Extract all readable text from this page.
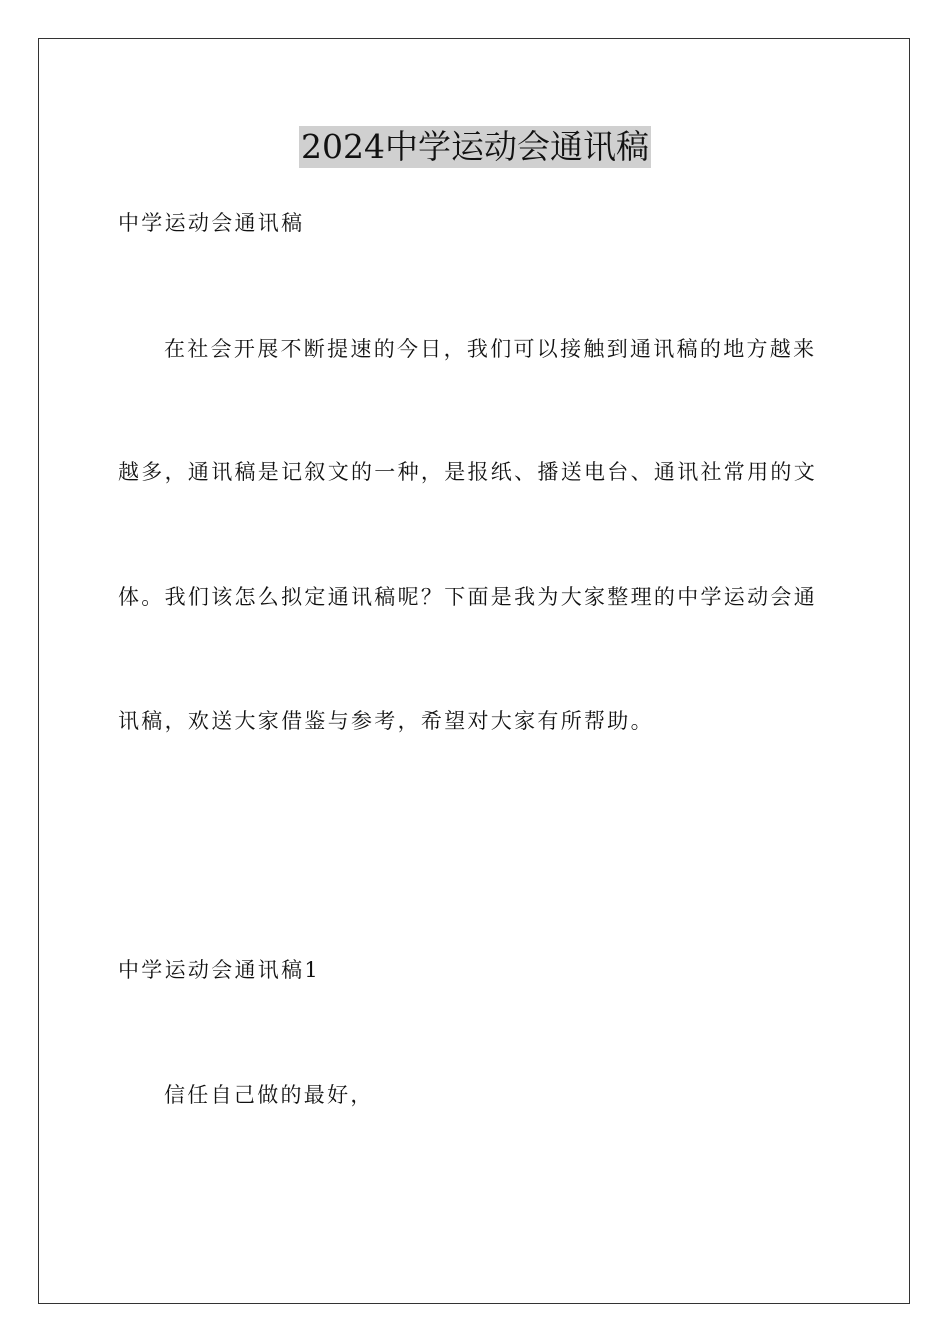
2024中学运动会通讯稿
中学运动会通讯稿
在社会开展不断提速的今日，我们可以接触到通讯稿的地方越来
越多，通讯稿是记叙文的一种，是报纸、播送电台、通讯社常用的文
体。我们该怎么拟定通讯稿呢？下面是我为大家整理的中学运动会通
讯稿，欢送大家借鉴与参考，希望对大家有所帮助。
中学运动会通讯稿1
信任自己做的最好，
